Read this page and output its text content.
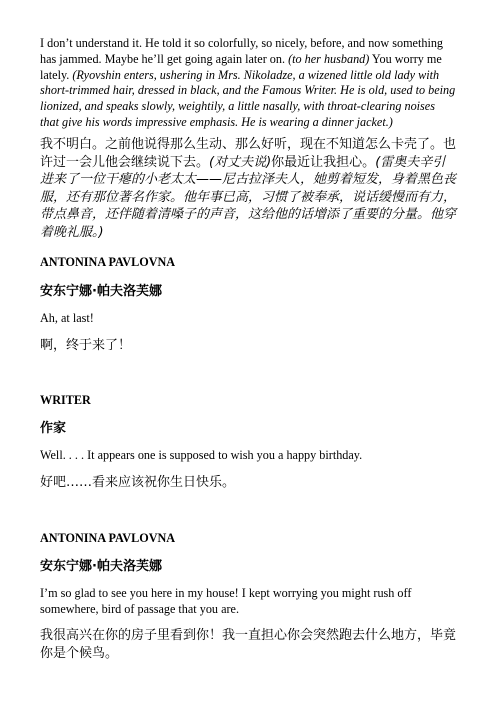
I don’t understand it. He told it so colorfully, so nicely, before, and now something has jammed. Maybe he’ll get going again later on. (to her husband) You worry me lately. (Ryovshin enters, ushering in Mrs. Nikoladze, a wizened little old lady with short-trimmed hair, dressed in black, and the Famous Writer. He is old, used to being lionized, and speaks slowly, weightily, a little nasally, with throat-clearing noises that give his words impressive emphasis. He is wearing a dinner jacket.)

我不明白。之前他说得那么生动、那么好听，现在不知道怎么卡壳了。也许过一会儿他会继续说下去。(对丈夫说)你最近让我担心。(雷奥夫辛引进来了一位干瘪的小老太太——尼古拉泽夫人，她剪着短发，身着黑色丧服，还有那位著名作家。他年事已高，习惯了被奉承，说话缓慢而有力，带点鼻音，还伴随着清嗓子的声音，这给他的话增添了重要的分量。他穿着晚礼服。)

ANTONINA PAVLOVNA

安东宁娜·帕夫洛芙娜

Ah, at last!

啊，终于来了！

WRITER

作家

Well. . . . It appears one is supposed to wish you a happy birthday.

好吧……看来应该祝你生日快乐。

ANTONINA PAVLOVNA

安东宁娜·帕夫洛芙娜

I’m so glad to see you here in my house! I kept worrying you might rush off somewhere, bird of passage that you are.

我很高兴在你的房子里看到你！我一直担心你会突然跑去什么地方，毕竟你是个候鸟。
